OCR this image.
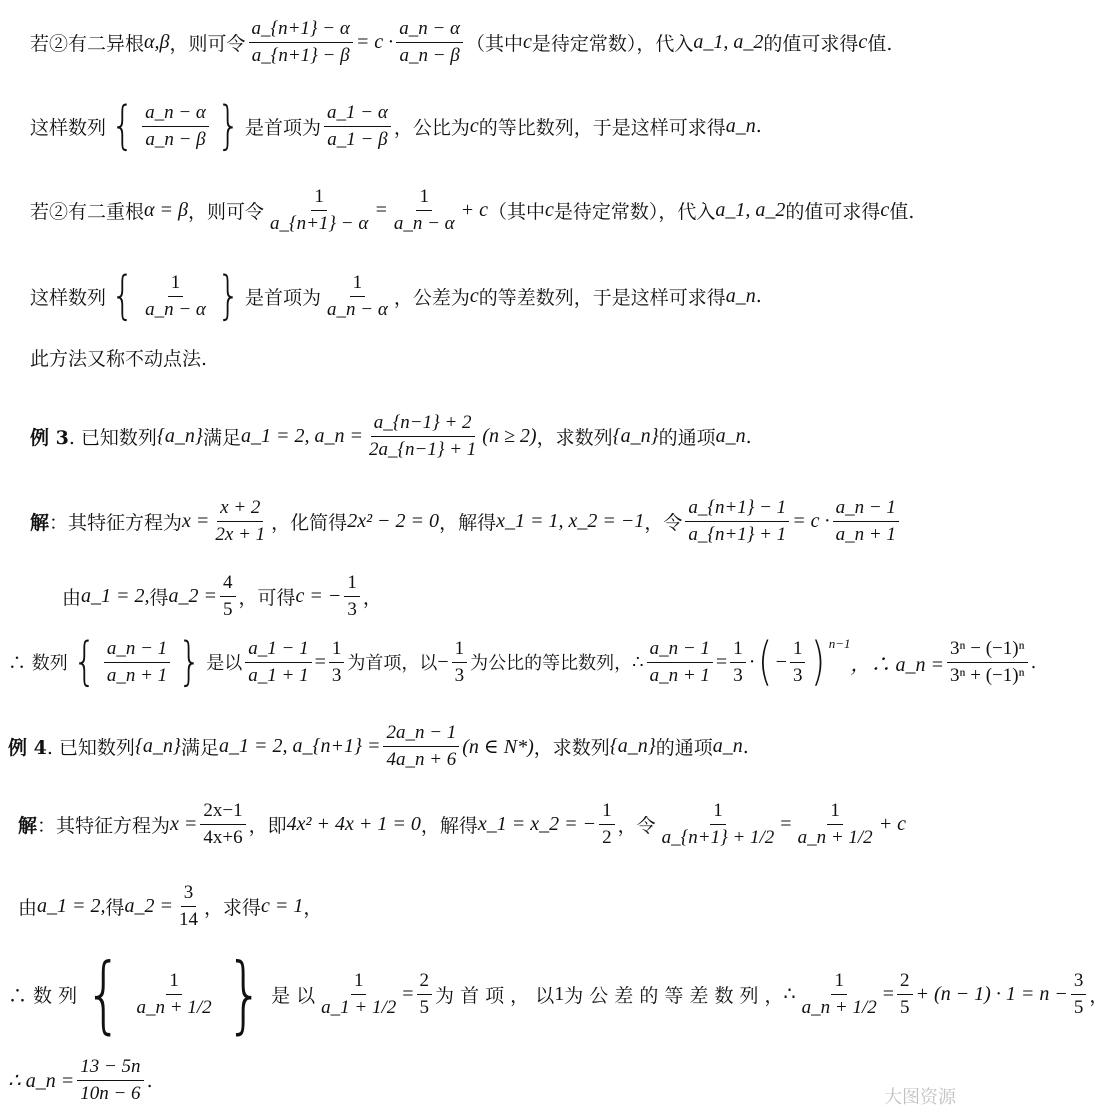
若②有二异根 α,β ，则可令 $\frac{a\_\{n+1\} - \alpha}{a\_\{n+1\} - \beta} = c \cdot \frac{a\_n - \alpha}{a\_n - \beta}$ （其中 c 是待定常数），代入 a_1, a_2 的值可求得 c 值.
这样数列 { $\frac{a\_n - \alpha}{a\_n - \beta}$ } 是首项为 $\frac{a\_1 - \alpha}{a\_1 - \beta}$ ，公比为 c 的等比数列，于是这样可求得 a_n .
若②有二重根 α = β ，则可令 $\frac{1}{a\_\{n+1\} - \alpha} = \frac{1}{a\_n - \alpha} + c$ （其中 c 是待定常数），代入 a_1, a_2 的值可求得 c 值.
这样数列 { $\frac{1}{a\_n - \alpha}$ } 是首项为 $\frac{1}{a\_n - \alpha}$ ，公差为 c 的等差数列，于是这样可求得 a_n .
此方法又称不动点法.
例 3 . 已知数列 {a_n} 满足 a_1 = 2, a_n = $\frac{a\_\{n-1\} + 2}{2a\_\{n-1\} + 1} (n \ge 2)$ ，求数列 {a_n} 的通项 a_n .
解 ：其特征方程为 $x = \frac{x + 2}{2x + 1}$ ，化简得 2x² − 2 = 0 ，解得 x_1 = 1, x_2 = −1 ，令 $\frac{a\_\{n+1\} - 1}{a\_\{n+1\} + 1} = c \cdot \frac{a\_n - 1}{a\_n + 1}$
由 a_1 = 2, 得 a_2 = $\frac{4}{5}$ ，可得 c = − $\frac{1}{3}$ ，
∴ 数列 { $\frac{a\_n - 1}{a\_n + 1}$ } 是以 $\frac{a\_1 - 1}{a\_1 + 1} = \frac{1}{3}$ 为首项，以 − $\frac{1}{3}$ 为公比的等比数列， ∴ $\frac{a\_n - 1}{a\_n + 1} = \frac{1}{3}$ · ( − $\frac{1}{3} )^{n-1}$
，∴ a_n = $\frac{\text{3ⁿ − (−1)ⁿ}}{\text{3ⁿ + (−1)ⁿ}}$ .
例 4 . 已知数列 {a_n} 满足 a_1 = 2, a_{n+1} = $\frac{2a\_n - 1}{4a\_n + 6} (n$ ∈ N*) ，求数列 {a_n} 的通项 a_n .
解 ：其特征方程为 $x = \frac{2x-1}{4x+6}$ ，即 4x² + 4x + 1 = 0 ，解得 x_1 = x_2 = − $\frac{1}{2}$ ，令 $\frac{1}{a\_\{n+1\} + 1/2} = \frac{1}{a\_n + 1/2} + c$
由 a_1 = 2, 得 a_2 = $\frac{3}{14}$ ，求得 c = 1 ，
∴ 数 列 { $\frac{1}{a\_n + 1/2}$ } 是 以 $\frac{1}{a\_1 + 1/2} = \frac{2}{5}$ 为 首 项 ， 以 1 为 公 差 的 等 差 数 列 ， ∴ $\frac{1}{a\_n + 1/2} = \frac{2}{5} + (n - 1) \cdot 1 = n - \frac{3}{5}$ ，
∴ a_n = $\frac{13 - 5n}{10n - 6}$ .
大图资源
